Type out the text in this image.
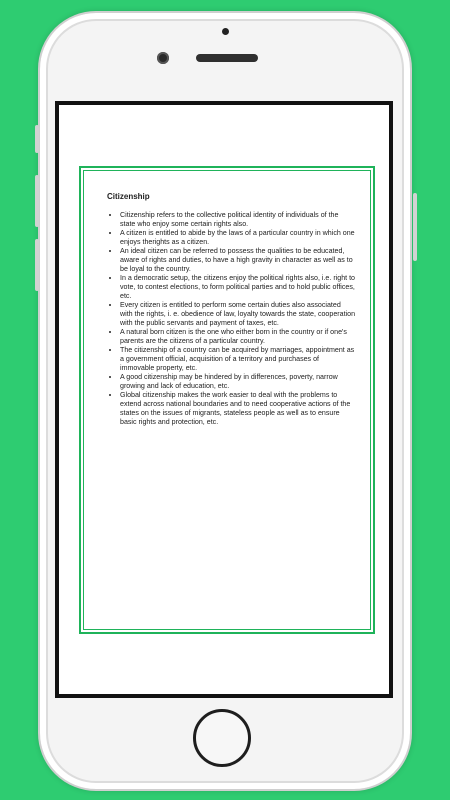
Citizenship
• Citizenship refers to the collective political identity of individuals of the state who enjoy some certain rights also.
• A citizen is entitled to abide by the laws of a particular country in which one enjoys therights as a citizen.
• An ideal citizen can be referred to possess the qualities to be educated, aware of rights and duties, to have a high gravity in character as well as to be loyal to the country.
• In a democratic setup, the citizens enjoy the political rights also, i.e. right to vote, to contest elections, to form political parties and to hold public offices, etc.
• Every citizen is entitled to perform some certain duties also associated with the rights, i. e. obedience of law, loyalty towards the state, cooperation with the public servants and payment of taxes, etc.
• A natural born citizen is the one who either born in the country or if one's parents are the citizens of a particular country.
• The citizenship of a country can be acquired by marriages, appointment as a government official, acquisition of a territory and purchases of immovable property, etc.
• A good citizenship may be hindered by in differences, poverty, narrow growing and lack of education, etc.
• Global citizenship makes the work easier to deal with the problems to extend across national boundaries and to need cooperative actions of the states on the issues of migrants, stateless people as well as to ensure basic rights and protection, etc.
